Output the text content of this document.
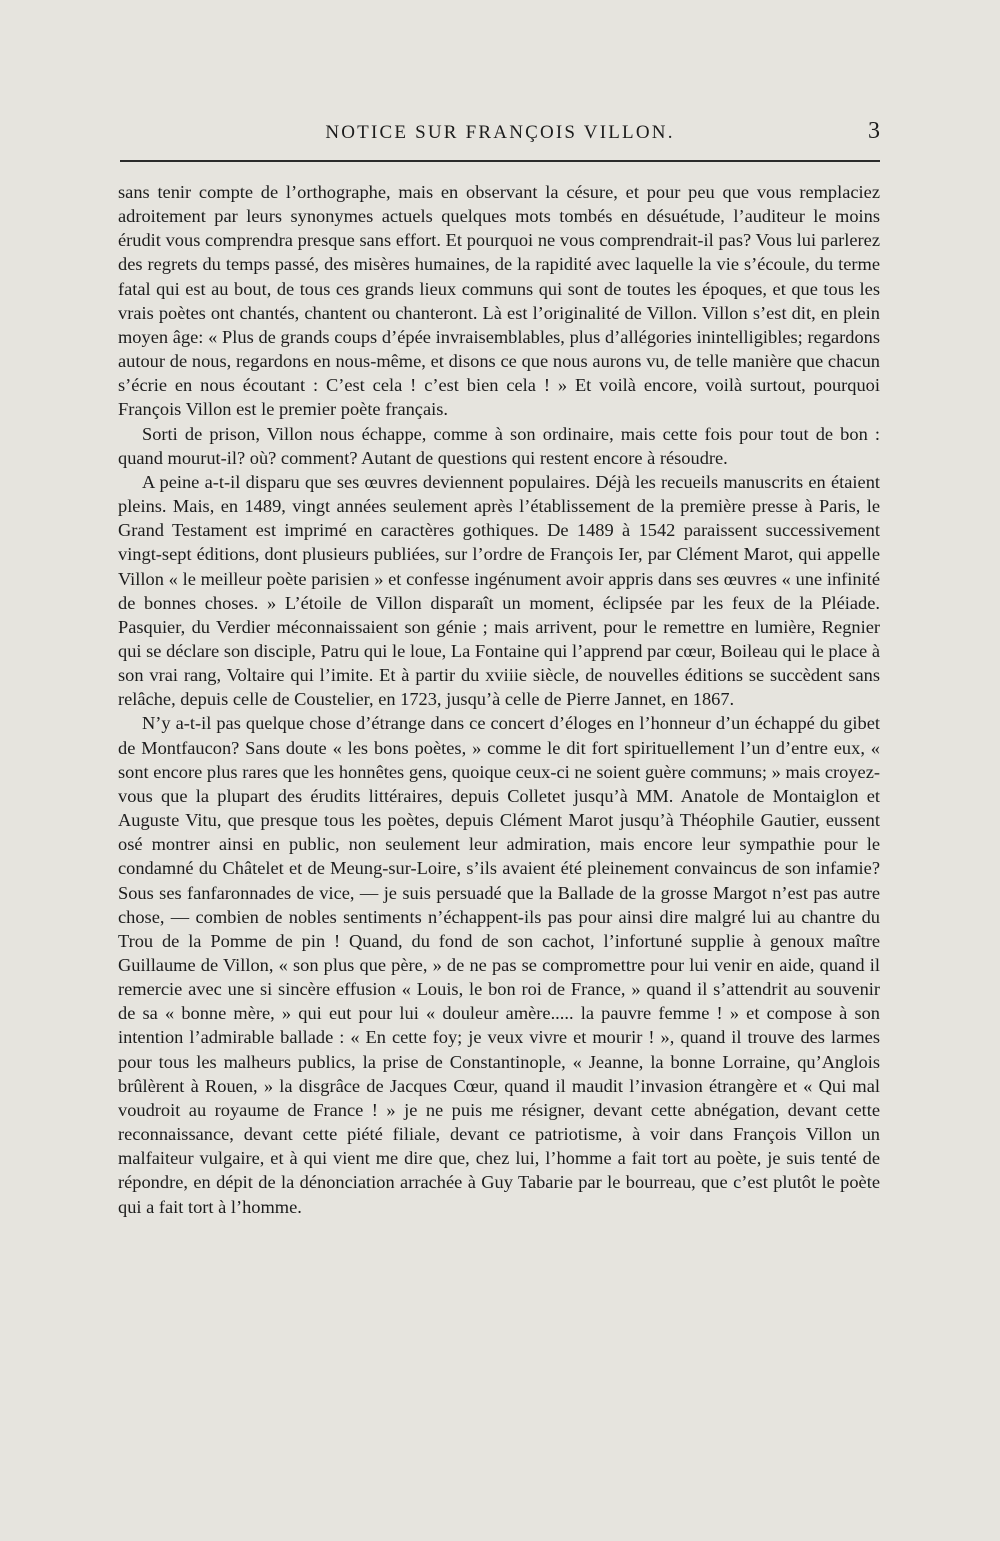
NOTICE SUR FRANÇOIS VILLON.	3

sans tenir compte de l’orthographe, mais en observant la césure, et pour peu que vous remplaciez adroitement par leurs synonymes actuels quelques mots tombés en désuétude, l’auditeur le moins érudit vous comprendra presque sans effort. Et pourquoi ne vous comprendrait-il pas? Vous lui parlerez des regrets du temps passé, des misères humaines, de la rapidité avec laquelle la vie s’écoule, du terme fatal qui est au bout, de tous ces grands lieux communs qui sont de toutes les époques, et que tous les vrais poètes ont chantés, chantent ou chanteront. Là est l’originalité de Villon. Villon s’est dit, en plein moyen âge: « Plus de grands coups d’épée invraisemblables, plus d’allégories inintelligibles; regardons autour de nous, regardons en nous-même, et disons ce que nous aurons vu, de telle manière que chacun s’écrie en nous écoutant : C’est cela ! c’est bien cela ! » Et voilà encore, voilà surtout, pourquoi François Villon est le premier poète français.

Sorti de prison, Villon nous échappe, comme à son ordinaire, mais cette fois pour tout de bon : quand mourut-il? où? comment? Autant de questions qui restent encore à résoudre.

A peine a-t-il disparu que ses œuvres deviennent populaires. Déjà les recueils manuscrits en étaient pleins. Mais, en 1489, vingt années seulement après l’établissement de la première presse à Paris, le Grand Testament est imprimé en caractères gothiques. De 1489 à 1542 paraissent successivement vingt-sept éditions, dont plusieurs publiées, sur l’ordre de François Ier, par Clément Marot, qui appelle Villon « le meilleur poète parisien » et confesse ingénument avoir appris dans ses œuvres « une infinité de bonnes choses. » L’étoile de Villon disparaît un moment, éclipsée par les feux de la Pléiade. Pasquier, du Verdier méconnaissaient son génie ; mais arrivent, pour le remettre en lumière, Regnier qui se déclare son disciple, Patru qui le loue, La Fontaine qui l’apprend par cœur, Boileau qui le place à son vrai rang, Voltaire qui l’imite. Et à partir du xviiie siècle, de nouvelles éditions se succèdent sans relâche, depuis celle de Coustelier, en 1723, jusqu’à celle de Pierre Jannet, en 1867.

N’y a-t-il pas quelque chose d’étrange dans ce concert d’éloges en l’honneur d’un échappé du gibet de Montfaucon? Sans doute « les bons poètes, » comme le dit fort spirituellement l’un d’entre eux, « sont encore plus rares que les honnêtes gens, quoique ceux-ci ne soient guère communs; » mais croyez-vous que la plupart des érudits littéraires, depuis Colletet jusqu’à MM. Anatole de Montaiglon et Auguste Vitu, que presque tous les poètes, depuis Clément Marot jusqu’à Théophile Gautier, eussent osé montrer ainsi en public, non seulement leur admiration, mais encore leur sympathie pour le condamné du Châtelet et de Meung-sur-Loire, s’ils avaient été pleinement convaincus de son infamie? Sous ses fanfaronnades de vice, — je suis persuadé que la Ballade de la grosse Margot n’est pas autre chose, — combien de nobles sentiments n’échappent-ils pas pour ainsi dire malgré lui au chantre du Trou de la Pomme de pin ! Quand, du fond de son cachot, l’infortuné supplie à genoux maître Guillaume de Villon, « son plus que père, » de ne pas se compromettre pour lui venir en aide, quand il remercie avec une si sincère effusion « Louis, le bon roi de France, » quand il s’attendrit au souvenir de sa « bonne mère, » qui eut pour lui « douleur amère..... la pauvre femme ! » et compose à son intention l’admirable ballade : « En cette foy; je veux vivre et mourir ! », quand il trouve des larmes pour tous les malheurs publics, la prise de Constantinople, « Jeanne, la bonne Lorraine, qu’Anglois brûlèrent à Rouen, » la disgrâce de Jacques Cœur, quand il maudit l’invasion étrangère et « Qui mal voudroit au royaume de France ! » je ne puis me résigner, devant cette abnégation, devant cette reconnaissance, devant cette piété filiale, devant ce patriotisme, à voir dans François Villon un malfaiteur vulgaire, et à qui vient me dire que, chez lui, l’homme a fait tort au poète, je suis tenté de répondre, en dépit de la dénonciation arrachée à Guy Tabarie par le bourreau, que c’est plutôt le poète qui a fait tort à l’homme.
